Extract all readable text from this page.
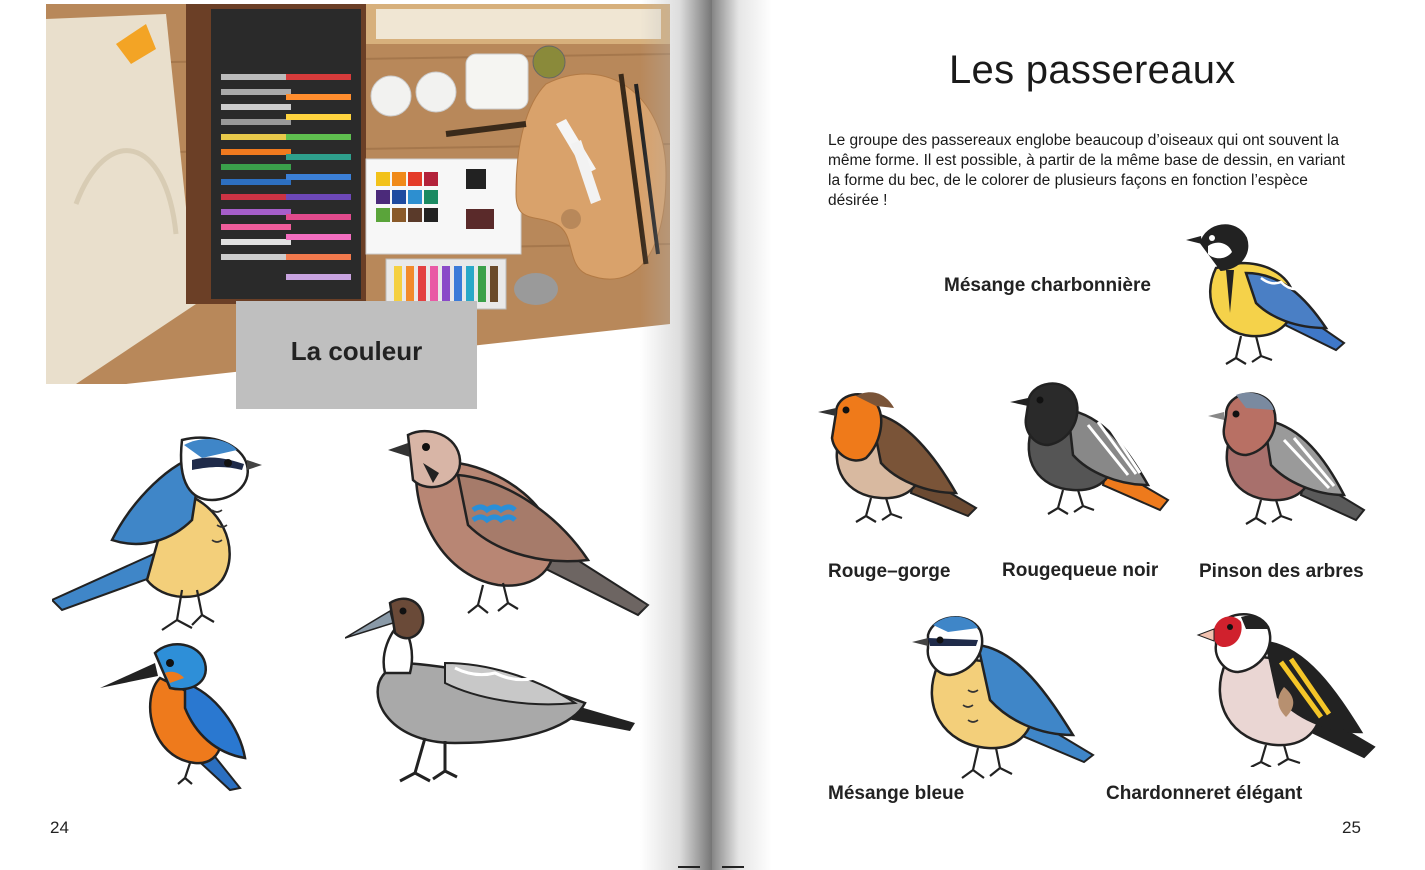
La couleur
24
Les passereaux
Le groupe des passereaux englobe beaucoup d’oiseaux qui ont souvent la même forme. Il est possible, à partir de la même base de dessin, en variant la forme du bec, de le colorer de plusieurs façons en fonction l’espèce désirée !
Mésange charbonnière
Rouge–gorge	Rougequeue noir Pinson des arbres
Mésange bleue	Chardonneret élégant
25
